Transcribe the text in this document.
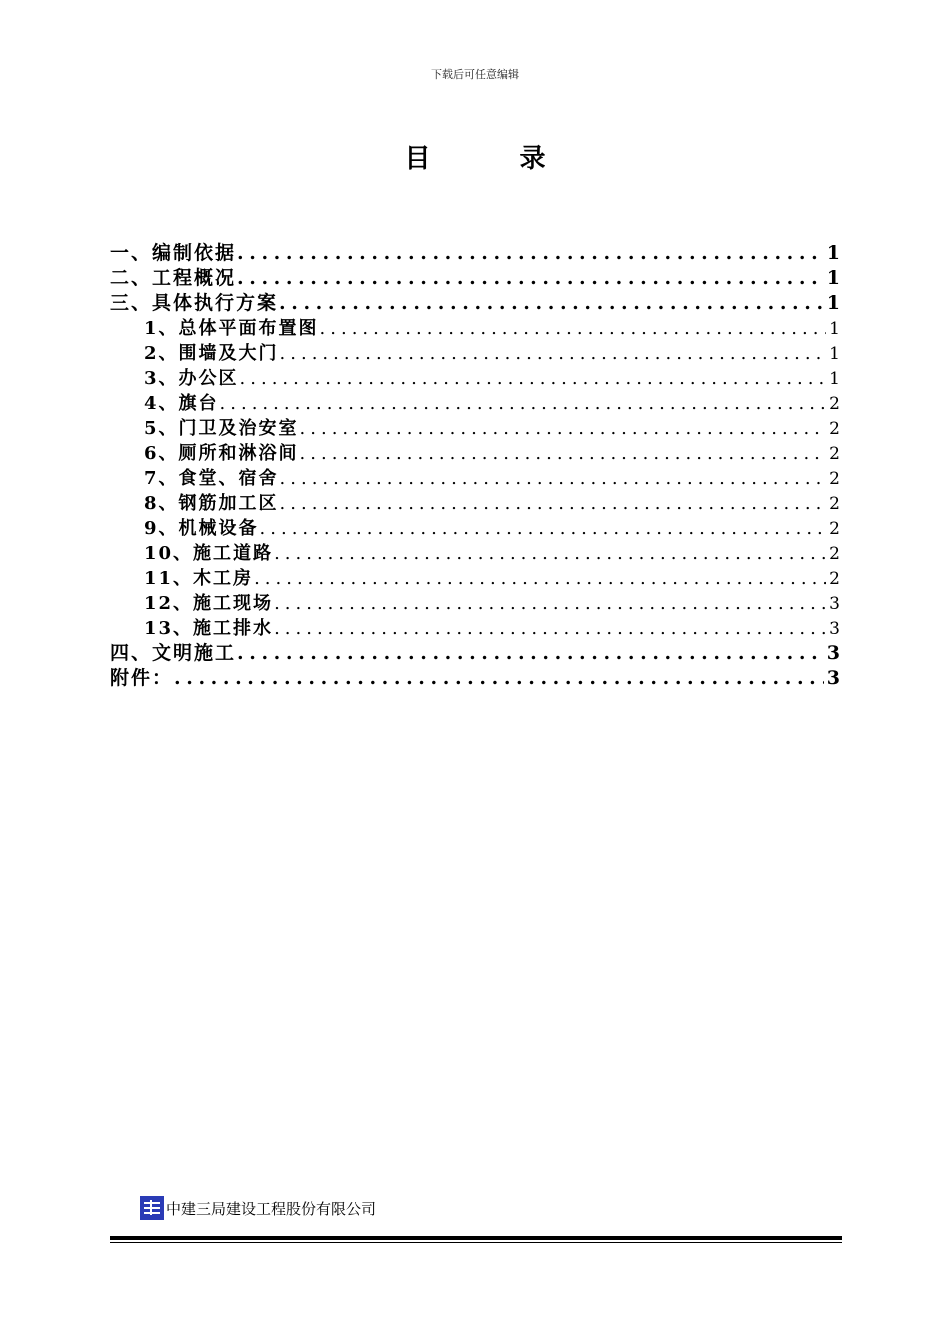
下载后可任意编辑
目 录
一、编制依据 .....	1
二、工程概况 .....	1
三、具体执行方案 .....	1
1、总体平面布置图 .....	1
2、围墙及大门 .....	1
3、办公区 .....	1
4、旗台 .....	2
5、门卫及治安室 .....	2
6、厕所和淋浴间 .....	2
7、食堂、宿舍 .....	2
8、钢筋加工区 .....	2
9、机械设备 .....	2
10、施工道路 .....	2
11、木工房 .....	2
12、施工现场 .....	3
13、施工排水 .....	3
四、文明施工 .....	3
附件： .....	3
中建三局建设工程股份有限公司
